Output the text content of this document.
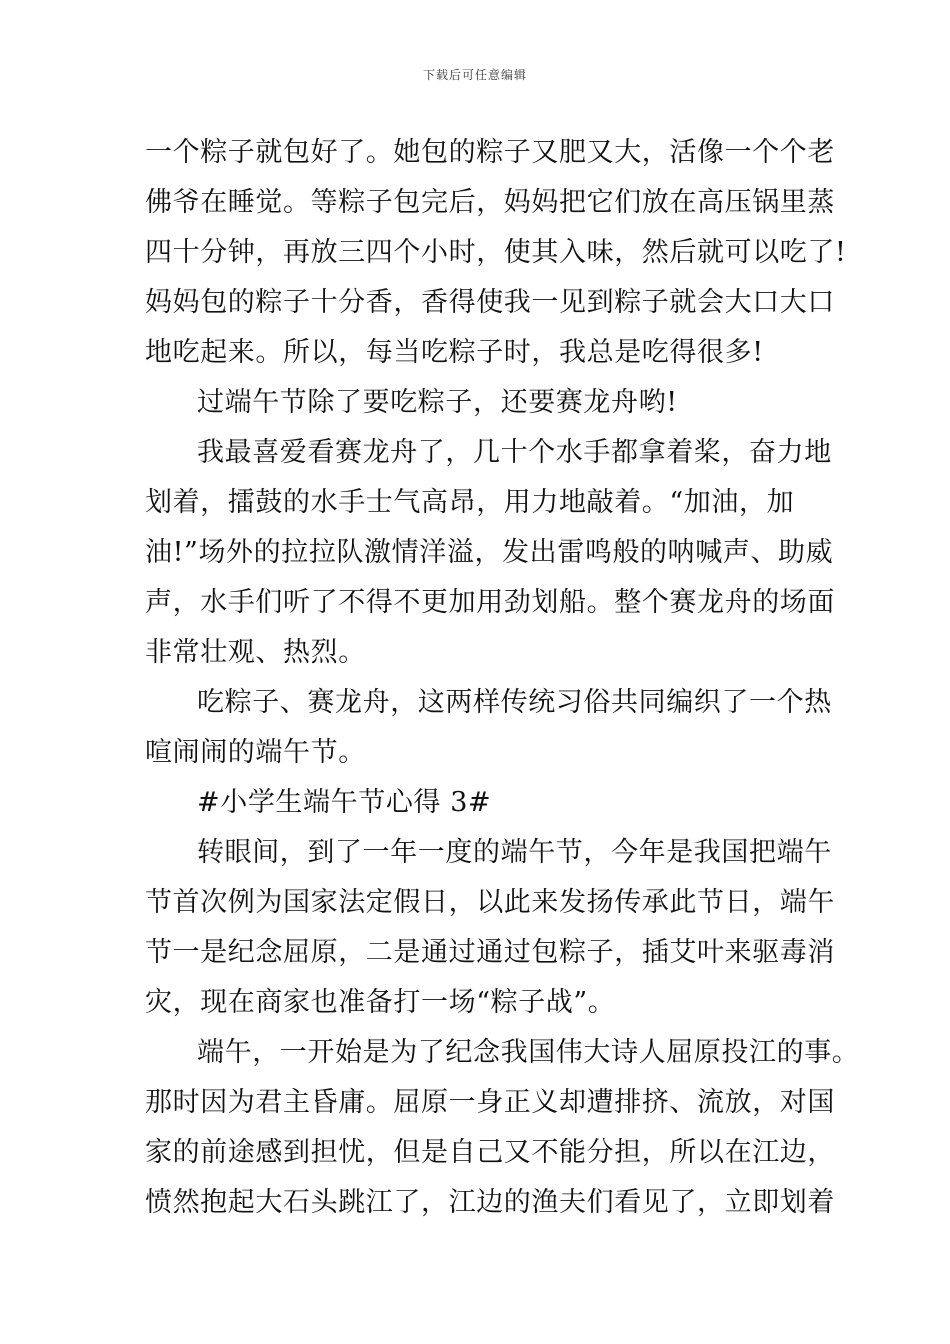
下载后可任意编辑
一个粽子就包好了。她包的粽子又肥又大，活像一个个老
佛爷在睡觉。等粽子包完后，妈妈把它们放在高压锅里蒸
四十分钟，再放三四个小时，使其入味，然后就可以吃了!
妈妈包的粽子十分香，香得使我一见到粽子就会大口大口
地吃起来。所以，每当吃粽子时，我总是吃得很多!
过端午节除了要吃粽子，还要赛龙舟哟!
我最喜爱看赛龙舟了，几十个水手都拿着桨，奋力地
划着，擂鼓的水手士气高昂，用力地敲着。“加油，加
油!”场外的拉拉队激情洋溢，发出雷鸣般的呐喊声、助威
声，水手们听了不得不更加用劲划船。整个赛龙舟的场面
非常壮观、热烈。
吃粽子、赛龙舟，这两样传统习俗共同编织了一个热
喧闹闹的端午节。
#小学生端午节心得 3#
转眼间，到了一年一度的端午节，今年是我国把端午
节首次例为国家法定假日，以此来发扬传承此节日，端午
节一是纪念屈原，二是通过通过包粽子，插艾叶来驱毒消
灾，现在商家也准备打一场“粽子战”。
端午，一开始是为了纪念我国伟大诗人屈原投江的事。
那时因为君主昏庸。屈原一身正义却遭排挤、流放，对国
家的前途感到担忧，但是自己又不能分担，所以在江边，
愤然抱起大石头跳江了，江边的渔夫们看见了，立即划着
